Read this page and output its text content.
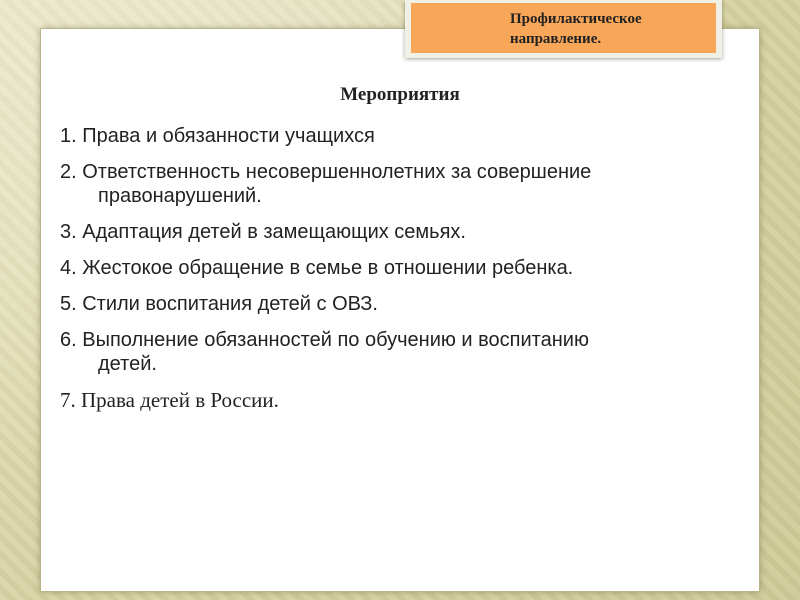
Профилактическое
направление.
Мероприятия
1. Права и обязанности учащихся
2. Ответственность несовершеннолетних за совершение
правонарушений.
3. Адаптация детей в замещающих семьях.
4. Жестокое обращение в семье в отношении ребенка.
5. Стили воспитания детей с ОВЗ.
6. Выполнение обязанностей по обучению и воспитанию
детей.
7. Права детей в России.
